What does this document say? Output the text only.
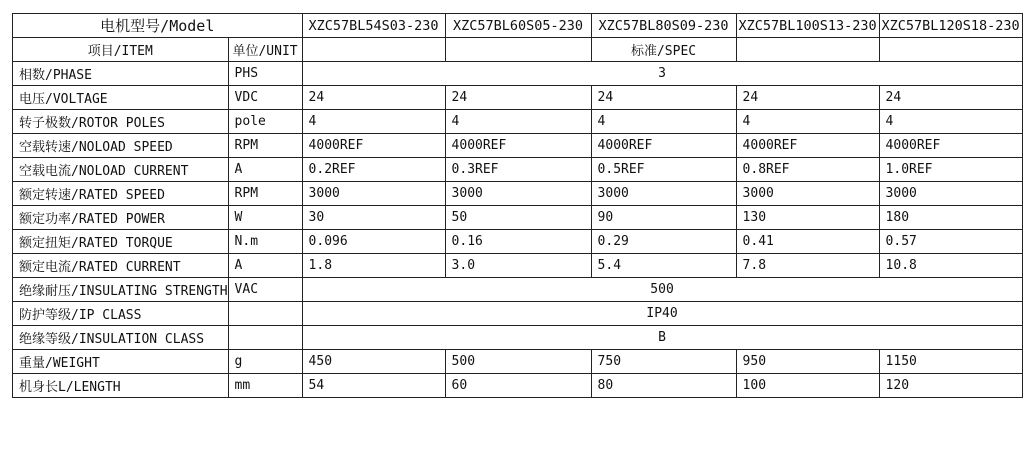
电机型号/Model		XZC57BL54S03-230	XZC57BL60S05-230	XZC57BL80S09-230	XZC57BL100S13-230	XZC57BL120S18-230
项目/ITEM	单位/UNIT			标准/SPEC		
相数/PHASE	PHS	3				
电压/VOLTAGE	VDC	24	24	24	24	24
转子极数/ROTOR POLES	pole	4	4	4	4	4
空载转速/NOLOAD SPEED	RPM	4000REF	4000REF	4000REF	4000REF	4000REF
空载电流/NOLOAD CURRENT	A	0.2REF	0.3REF	0.5REF	0.8REF	1.0REF
额定转速/RATED SPEED	RPM	3000	3000	3000	3000	3000
额定功率/RATED POWER	W	30	50	90	130	180
额定扭矩/RATED TORQUE	N.m	0.096	0.16	0.29	0.41	0.57
额定电流/RATED CURRENT	A	1.8	3.0	5.4	7.8	10.8
绝缘耐压/INSULATING STRENGTH	VAC	500				
防护等级/IP CLASS		IP40				
绝缘等级/INSULATION CLASS		B				
重量/WEIGHT	g	450	500	750	950	1150
机身长L/LENGTH	mm	54	60	80	100	120
